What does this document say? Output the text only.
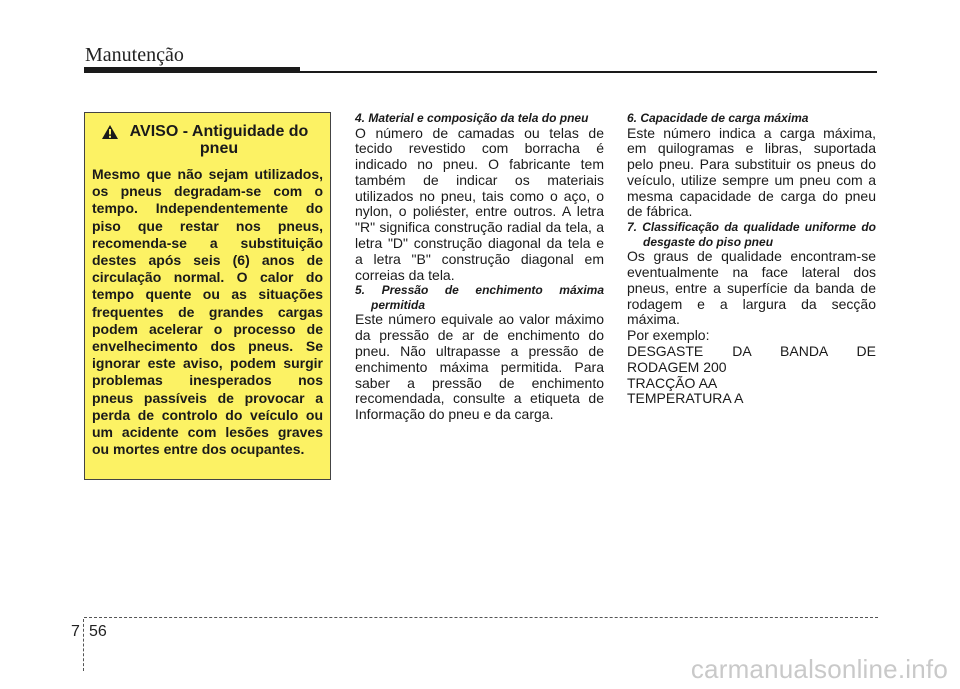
Manutenção
AVISO - Antiguidade do pneu

Mesmo que não sejam utilizados, os pneus degradam-se com o tempo. Independentemente do piso que restar nos pneus, recomenda-se a substituição destes após seis (6) anos de circulação normal. O calor do tempo quente ou as situações frequentes de grandes cargas podem acelerar o processo de envelhecimento dos pneus. Se ignorar este aviso, podem surgir problemas inesperados nos pneus passíveis de provocar a perda de controlo do veículo ou um acidente com lesões graves ou mortes entre dos ocupantes.

4. Material e composição da tela do pneu

O número de camadas ou telas de tecido revestido com borracha é indicado no pneu. O fabricante tem também de indicar os materiais utilizados no pneu, tais como o aço, o nylon, o poliéster, entre outros. A letra "R" significa construção radial da tela, a letra "D" construção diagonal da tela e a letra "B" construção diagonal em correias da tela.

5. Pressão de enchimento máxima permitida

Este número equivale ao valor máximo da pressão de ar de enchimento do pneu. Não ultrapasse a pressão de enchimento máxima permitida. Para saber a pressão de enchimento recomendada, consulte a etiqueta de Informação do pneu e da carga.

6. Capacidade de carga máxima

Este número indica a carga máxima, em quilogramas e libras, suportada pelo pneu. Para substituir os pneus do veículo, utilize sempre um pneu com a mesma capacidade de carga do pneu de fábrica.

7. Classificação da qualidade uniforme do desgaste do piso pneu

Os graus de qualidade encontram-se eventualmente na face lateral dos pneus, entre a superfície da banda de rodagem e a largura da secção máxima.

Por exemplo:

DESGASTE DA BANDA DE RODAGEM 200

TRACÇÃO AA

TEMPERATURA A

7 56
carmanualsonline.info
